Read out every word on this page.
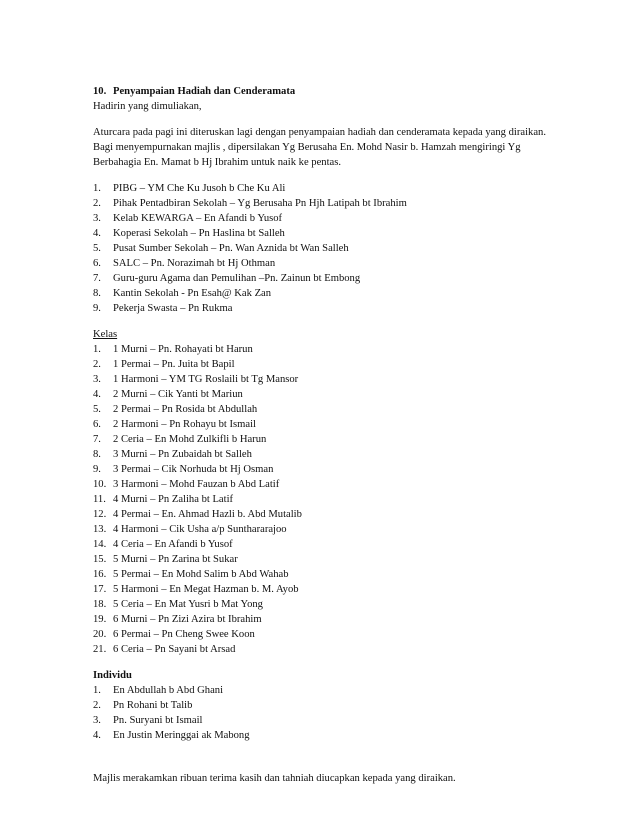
10. Penyampaian Hadiah dan Cenderamata

Hadirin yang dimuliakan,

Aturcara pada pagi ini diteruskan lagi dengan penyampaian hadiah dan cenderamata kepada yang diraikan.
Bagi menyempurnakan majlis , dipersilakan Yg Berusaha En. Mohd Nasir b. Hamzah mengiringi Yg
Berbahagia En. Mamat b Hj Ibrahim untuk naik ke pentas.
1.	PIBG – YM Che Ku Jusoh b Che Ku Ali
2.	Pihak Pentadbiran Sekolah – Yg Berusaha Pn Hjh Latipah bt Ibrahim
3.	Kelab KEWARGA – En Afandi b Yusof
4.	Koperasi Sekolah – Pn Haslina bt Salleh
5.	Pusat Sumber Sekolah – Pn. Wan Aznida bt Wan Salleh
6.	SALC – Pn. Norazimah bt Hj Othman
7.	Guru-guru Agama dan Pemulihan –Pn. Zainun bt Embong
8.	Kantin Sekolah - Pn Esah@ Kak Zan
9.	Pekerja Swasta – Pn Rukma
Kelas
1.	1 Murni – Pn. Rohayati bt Harun
2.	1 Permai – Pn. Juita bt Bapil
3.	1 Harmoni – YM TG Roslaili bt Tg Mansor
4.	2 Murni – Cik Yanti bt Mariun
5.	2 Permai – Pn Rosida bt Abdullah
6.	2 Harmoni – Pn Rohayu bt Ismail
7.	2 Ceria – En Mohd Zulkifli b Harun
8.	3 Murni – Pn Zubaidah bt Salleh
9.	3 Permai – Cik Norhuda bt Hj Osman
10. 3 Harmoni – Mohd Fauzan b Abd Latif
11. 4 Murni – Pn Zaliha bt Latif
12. 4 Permai – En. Ahmad Hazli b. Abd Mutalib
13. 4 Harmoni – Cik Usha a/p Sunthararajoo
14. 4 Ceria – En Afandi b Yusof
15. 5 Murni – Pn Zarina bt Sukar
16. 5 Permai – En Mohd Salim b Abd Wahab
17. 5 Harmoni – En Megat Hazman b. M. Ayob
18. 5 Ceria – En Mat Yusri b Mat Yong
19. 6 Murni – Pn Zizi Azira bt Ibrahim
20. 6 Permai – Pn Cheng Swee Koon
21. 6 Ceria – Pn Sayani bt Arsad
Individu
1.	En Abdullah b Abd Ghani
2.	Pn Rohani bt Talib
3.	Pn. Suryani bt Ismail
4.	En Justin Meringgai ak Mabong

Majlis merakamkan ribuan terima kasih dan tahniah diucapkan kepada yang diraikan.
